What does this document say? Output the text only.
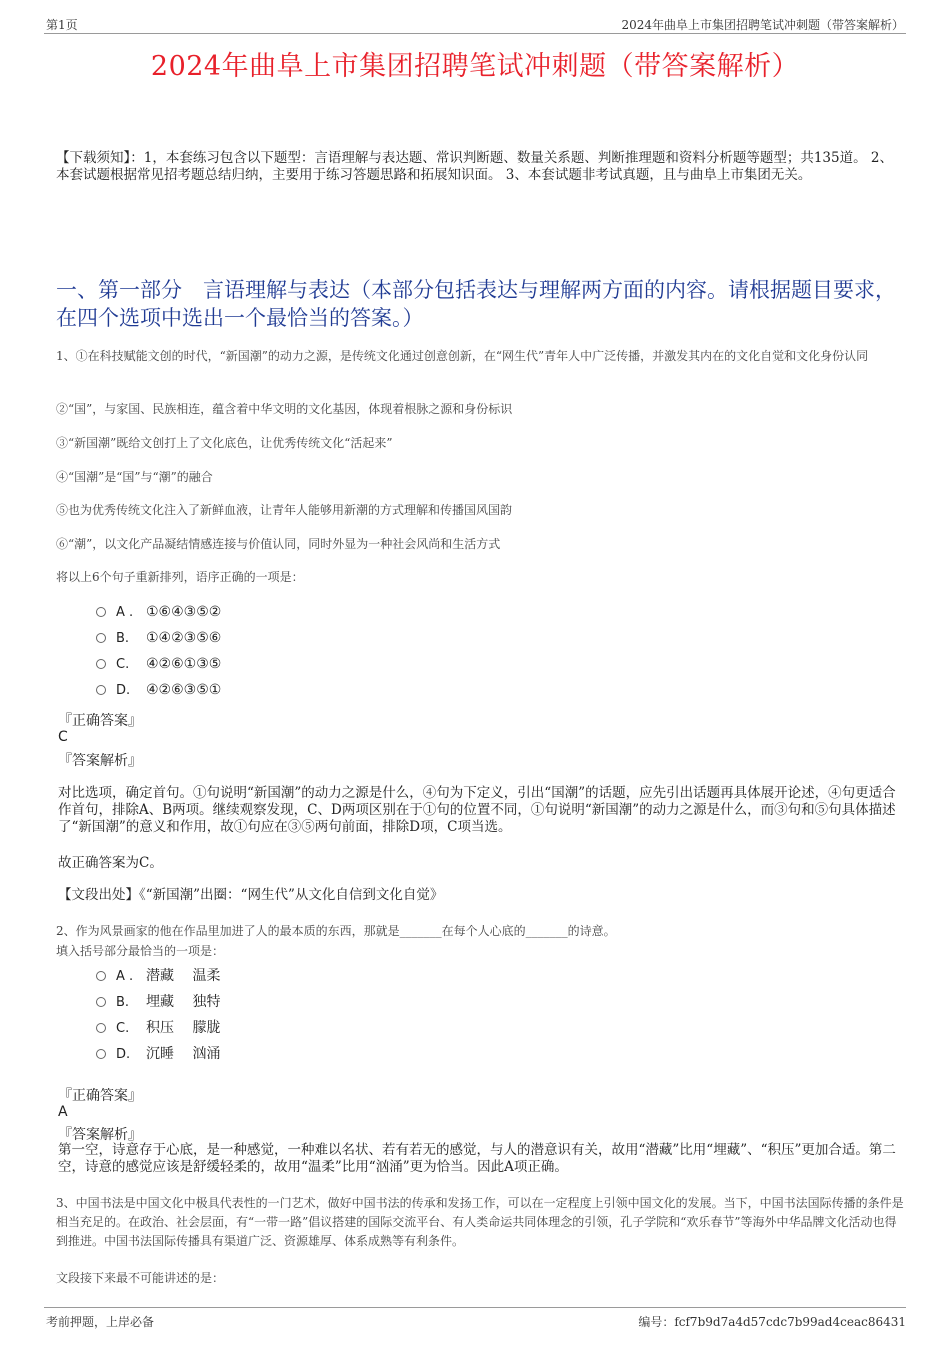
第1页	2024年曲阜上市集团招聘笔试冲刺题（带答案解析）
2024年曲阜上市集团招聘笔试冲刺题（带答案解析）
【下载须知】：1，本套练习包含以下题型：言语理解与表达题、常识判断题、数量关系题、判断推理题和资料分析题等题型；共135道。 2、本套试题根据常见招考题总结归纳，主要用于练习答题思路和拓展知识面。 3、本套试题非考试真题，且与曲阜上市集团无关。
一、第一部分　言语理解与表达（本部分包括表达与理解两方面的内容。请根据题目要求，在四个选项中选出一个最恰当的答案。）
1、①在科技赋能文创的时代，“新国潮”的动力之源，是传统文化通过创意创新，在“网生代”青年人中广泛传播，并激发其内在的文化自觉和文化身份认同
②“国”，与家国、民族相连，蕴含着中华文明的文化基因，体现着根脉之源和身份标识
③“新国潮”既给文创打上了文化底色，让优秀传统文化“活起来”
④“国潮”是“国”与“潮”的融合
⑤也为优秀传统文化注入了新鲜血液，让青年人能够用新潮的方式理解和传播国风国韵
⑥“潮”，以文化产品凝结情感连接与价值认同，同时外显为一种社会风尚和生活方式
将以上6个句子重新排列，语序正确的一项是：
A . ①⑥④③⑤②
B. ①④②③⑤⑥
C. ④②⑥①③⑤
D. ④②⑥③⑤①
『正确答案』
C
『答案解析』
对比选项，确定首句。①句说明“新国潮”的动力之源是什么，④句为下定义，引出“国潮”的话题，应先引出话题再具体展开论述，④句更适合作首句，排除A、B两项。继续观察发现，C、D两项区别在于①句的位置不同，①句说明“新国潮”的动力之源是什么，而③句和⑤句具体描述了“新国潮”的意义和作用，故①句应在③⑤两句前面，排除D项，C项当选。
故正确答案为C。
【文段出处】《“新国潮”出圈：“网生代”从文化自信到文化自觉》
2、作为风景画家的他在作品里加进了人的最本质的东西，那就是_______在每个人心底的_______的诗意。
填入括号部分最恰当的一项是：
A . 潜藏　 温柔
B. 埋藏　 独特
C. 积压　 朦胧
D. 沉睡　 汹涌
『正确答案』
A
『答案解析』
第一空，诗意存于心底，是一种感觉，一种难以名状、若有若无的感觉，与人的潜意识有关，故用“潜藏”比用“埋藏”、“积压”更加合适。第二空，诗意的感觉应该是舒缓轻柔的，故用“温柔”比用“汹涌”更为恰当。因此A项正确。
3、中国书法是中国文化中极具代表性的一门艺术，做好中国书法的传承和发扬工作，可以在一定程度上引领中国文化的发展。当下，中国书法国际传播的条件是相当充足的。在政治、社会层面，有“一带一路”倡议搭建的国际交流平台、有人类命运共同体理念的引领，孔子学院和“欢乐春节”等海外中华品牌文化活动也得到推进。中国书法国际传播具有渠道广泛、资源雄厚、体系成熟等有利条件。
文段接下来最不可能讲述的是：
考前押题，上岸必备	编号：fcf7b9d7a4d57cdc7b99ad4ceac86431
